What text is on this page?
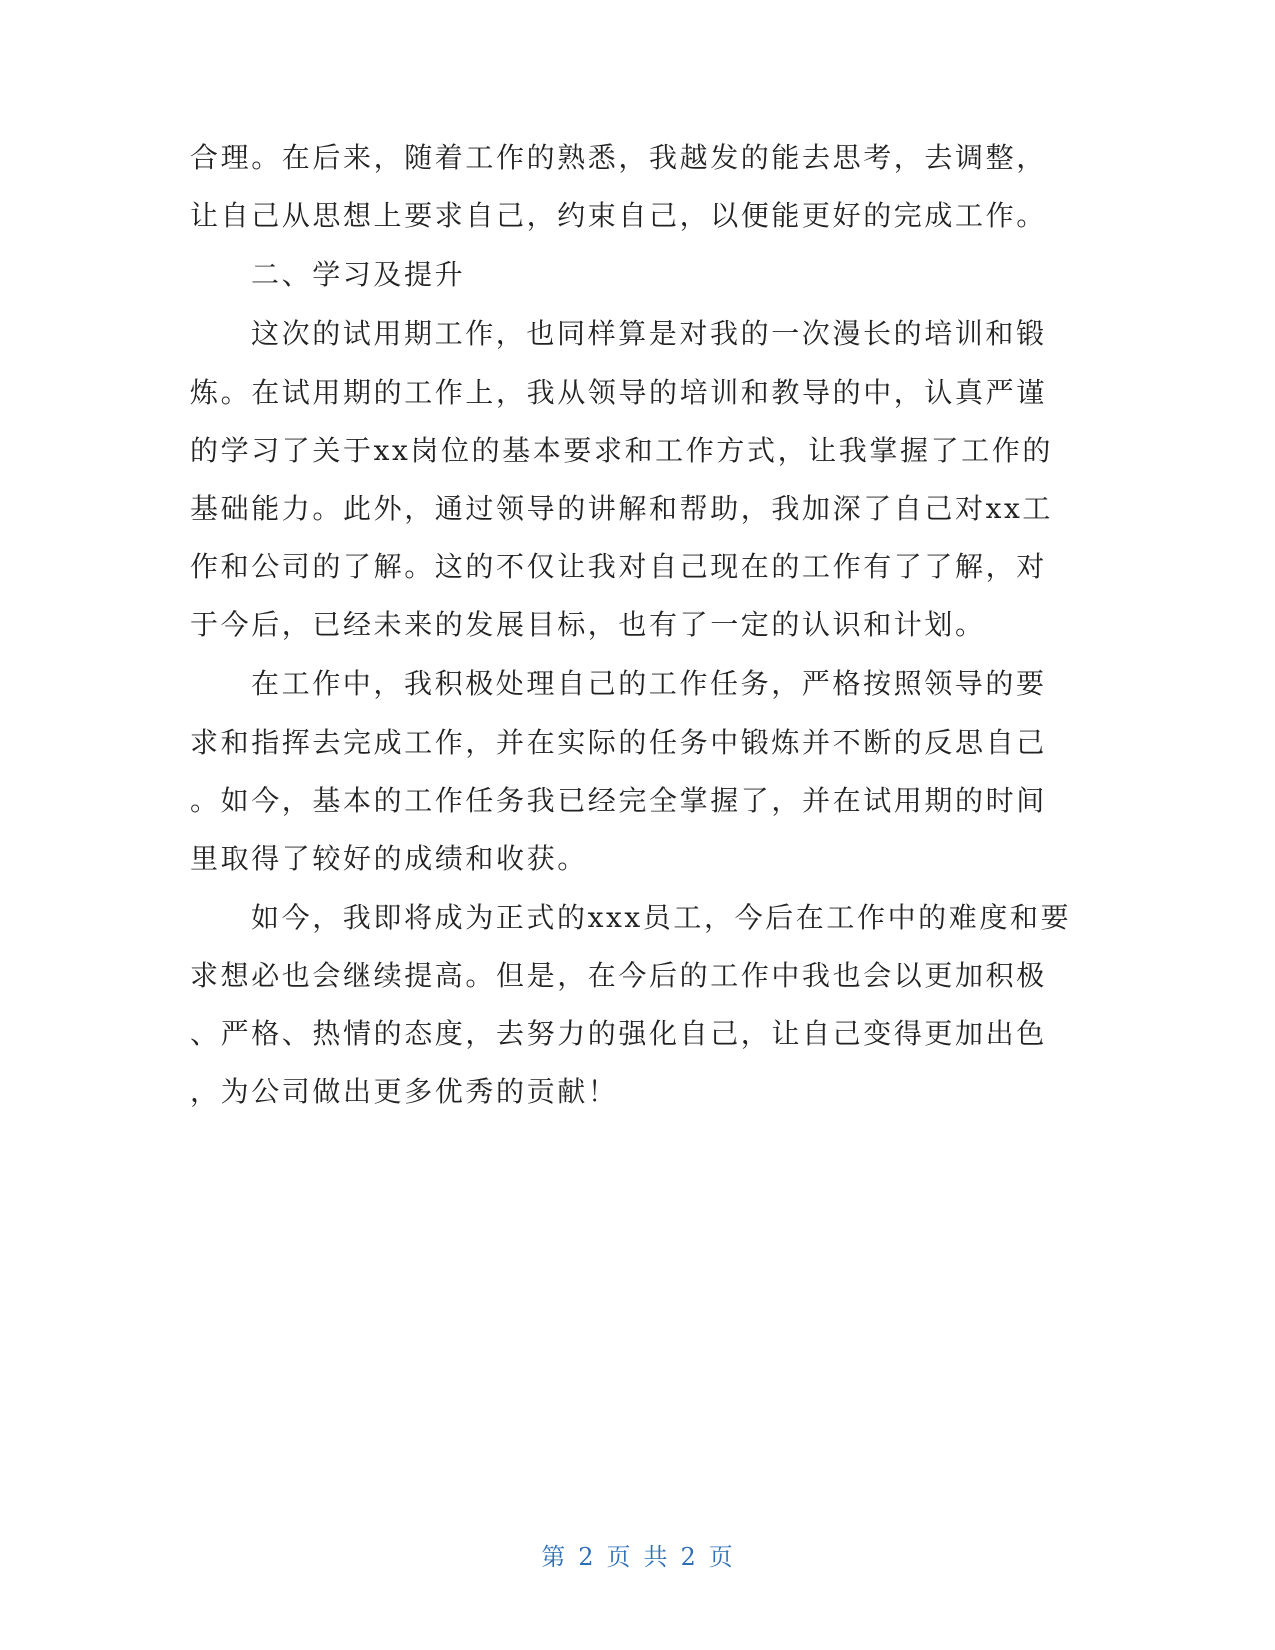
合理。在后来，随着工作的熟悉，我越发的能去思考，去调整，
让自己从思想上要求自己，约束自己，以便能更好的完成工作。
二、学习及提升
这次的试用期工作，也同样算是对我的一次漫长的培训和锻
炼。在试用期的工作上，我从领导的培训和教导的中，认真严谨
的学习了关于xx岗位的基本要求和工作方式，让我掌握了工作的
基础能力。此外，通过领导的讲解和帮助，我加深了自己对xx工
作和公司的了解。这的不仅让我对自己现在的工作有了了解，对
于今后，已经未来的发展目标，也有了一定的认识和计划。
在工作中，我积极处理自己的工作任务，严格按照领导的要
求和指挥去完成工作，并在实际的任务中锻炼并不断的反思自己
。如今，基本的工作任务我已经完全掌握了，并在试用期的时间
里取得了较好的成绩和收获。
如今，我即将成为正式的xxx员工，今后在工作中的难度和要
求想必也会继续提高。但是，在今后的工作中我也会以更加积极
、严格、热情的态度，去努力的强化自己，让自己变得更加出色
，为公司做出更多优秀的贡献！
第 2 页 共 2 页
